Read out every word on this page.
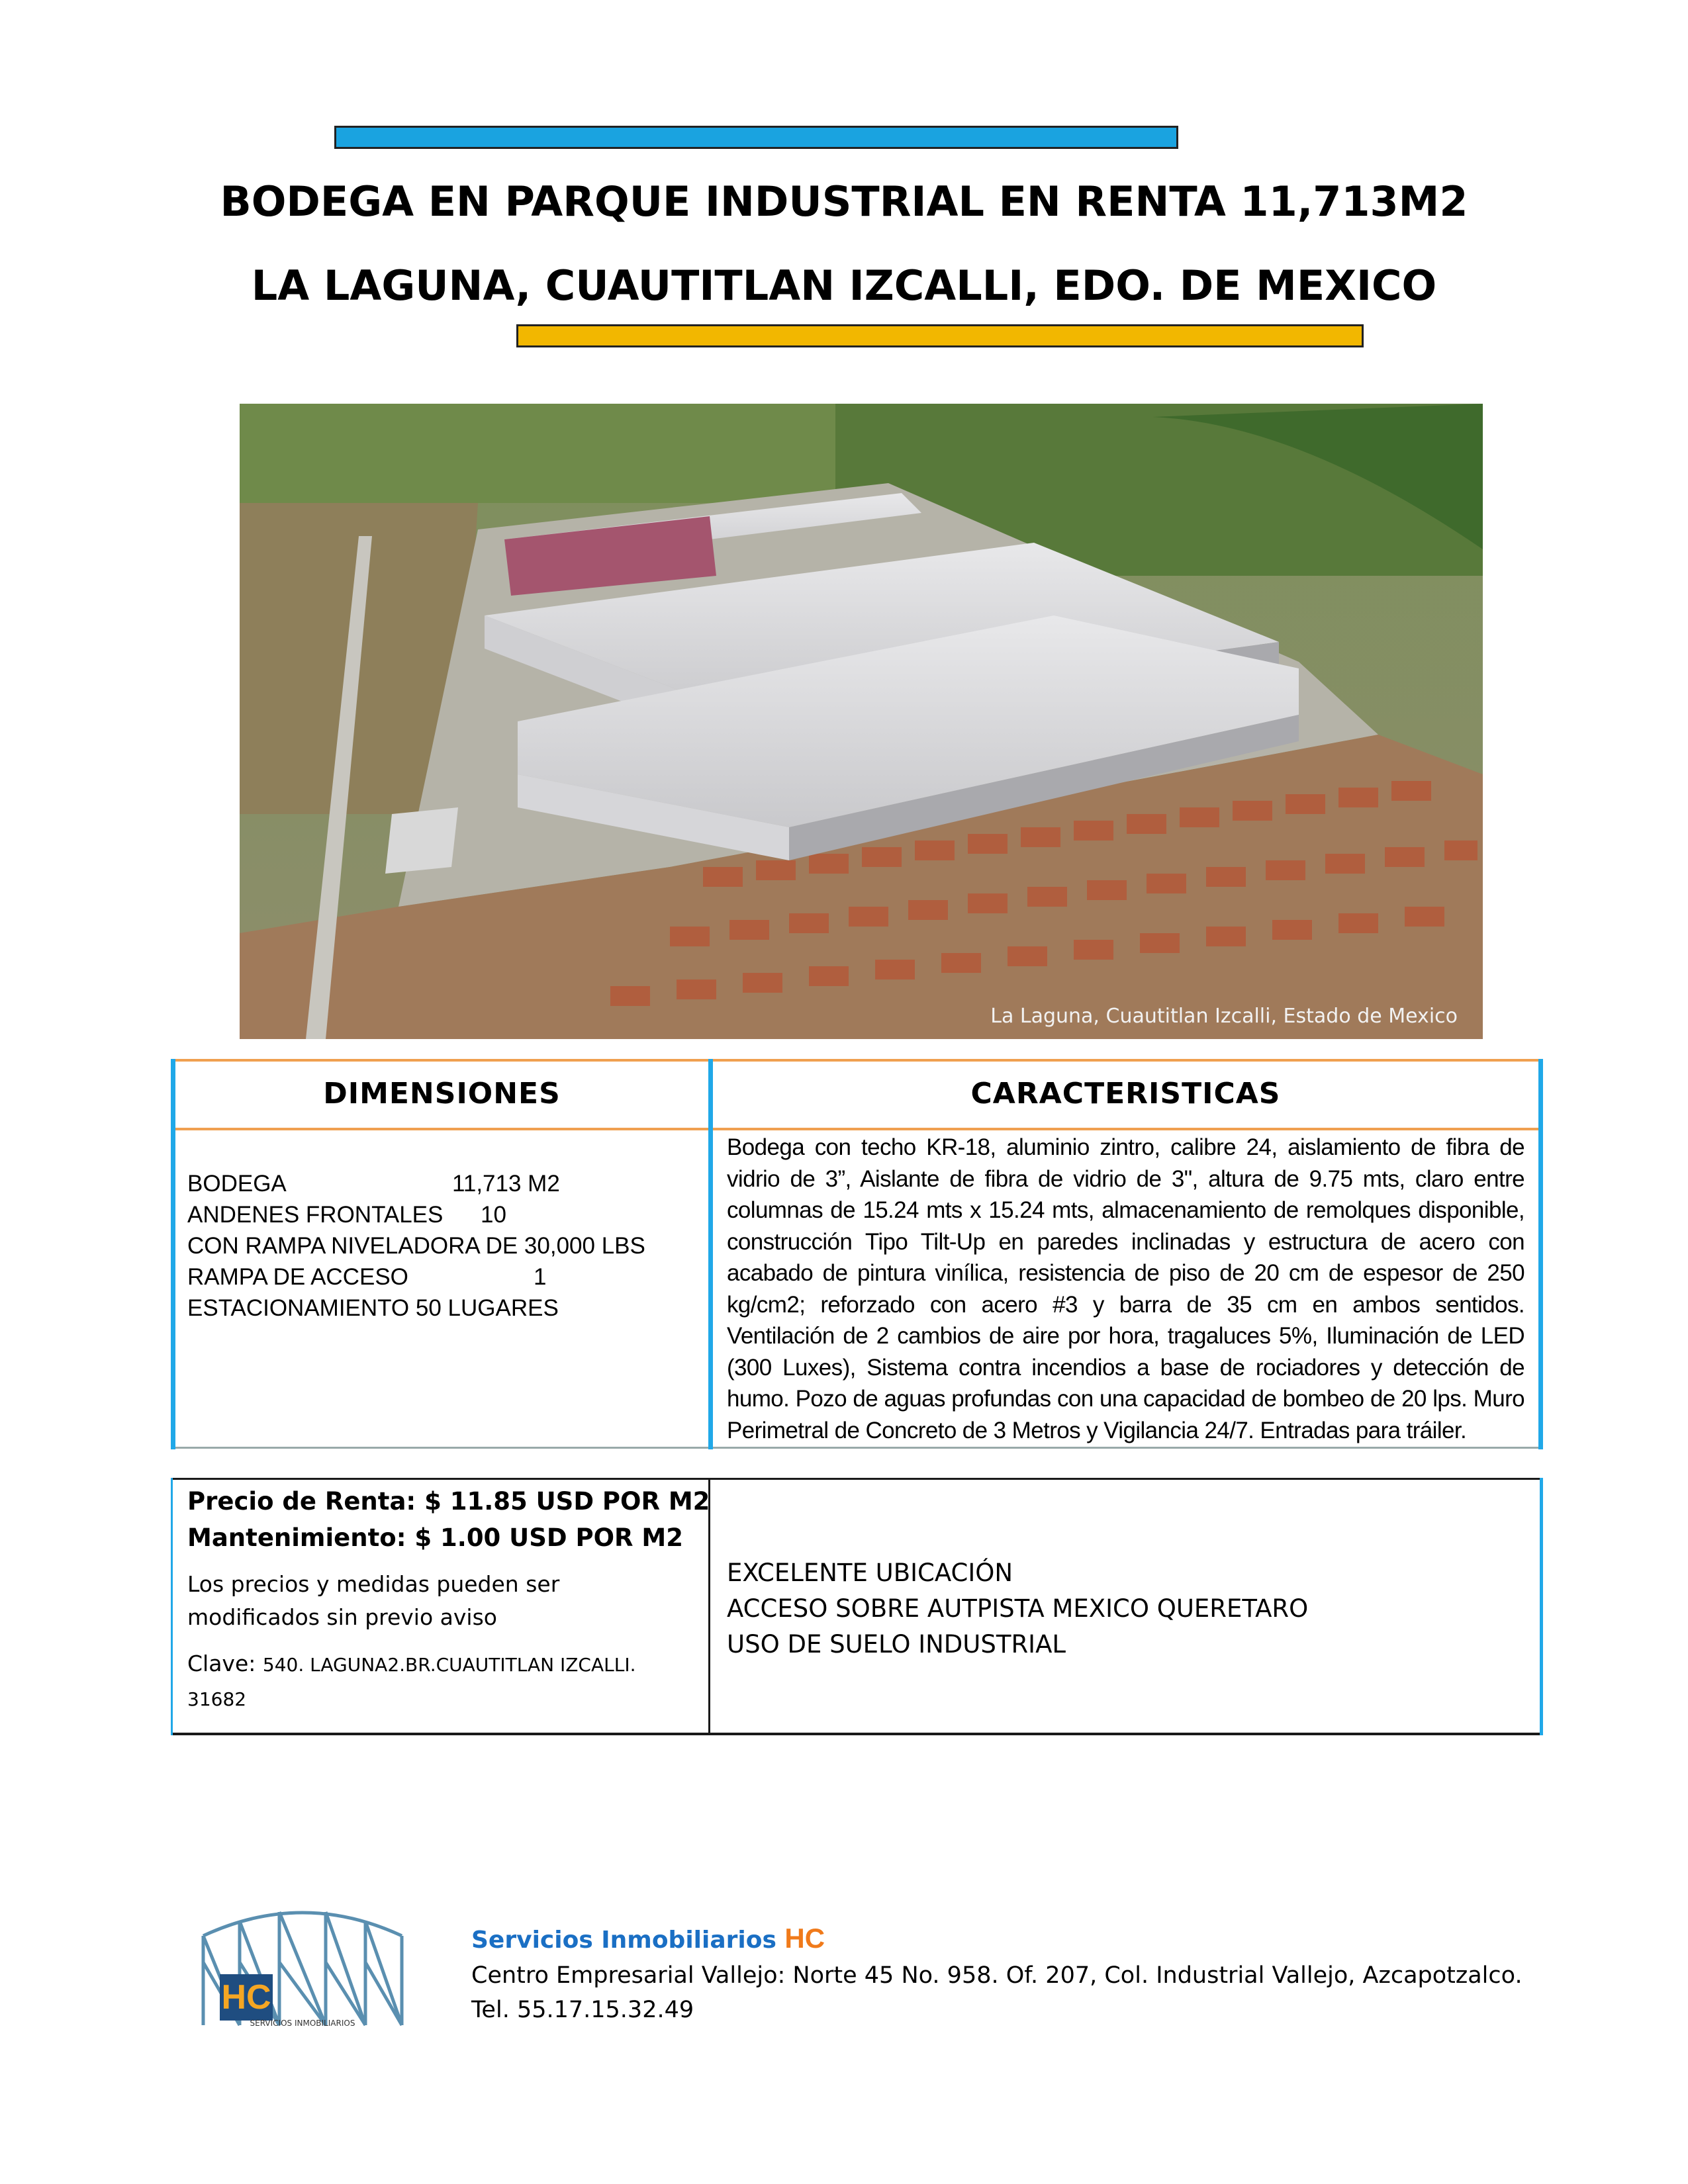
BODEGA EN PARQUE INDUSTRIAL EN RENTA 11,713M2
LA LAGUNA, CUAUTITLAN IZCALLI, EDO. DE MEXICO
La Laguna, Cuautitlan Izcalli, Estado de Mexico
DIMENSIONES	CARACTERISTICAS
BODEGA	11,713 M2
ANDENES FRONTALES 10
CON RAMPA NIVELADORA DE 30,000 LBS
RAMPA DE ACCESO	1
ESTACIONAMIENTO 50 LUGARES
Bodega con techo KR-18, aluminio zintro, calibre 24, aislamiento de fibra de vidrio de 3”, Aislante de fibra de vidrio de 3", altura de 9.75 mts, claro entre columnas de 15.24 mts x 15.24 mts, almacenamiento de remolques disponible, construcción Tipo Tilt-Up en paredes inclinadas y estructura de acero con acabado de pintura vinílica, resistencia de piso de 20 cm de espesor de 250 kg/cm2; reforzado con acero #3 y barra de 35 cm en ambos sentidos. Ventilación de 2 cambios de aire por hora, tragaluces 5%, Iluminación de LED (300 Luxes), Sistema contra incendios a base de rociadores y detección de humo. Pozo de aguas profundas con una capacidad de bombeo de 20 lps. Muro Perimetral de Concreto de 3 Metros y Vigilancia 24/7. Entradas para tráiler.
Precio de Renta: $ 11.85 USD POR M2
Mantenimiento: $ 1.00 USD POR M2
Los precios y medidas pueden ser
modificados sin previo aviso
Clave: 540. LAGUNA2.BR.CUAUTITLAN IZCALLI.
31682
EXCELENTE UBICACIÓN
ACCESO SOBRE AUTPISTA MEXICO QUERETARO
USO DE SUELO INDUSTRIAL
HC
SERVICIOS INMOBILIARIOS
Servicios Inmobiliarios HC
Centro Empresarial Vallejo: Norte 45 No. 958. Of. 207, Col. Industrial Vallejo, Azcapotzalco.
Tel. 55.17.15.32.49
